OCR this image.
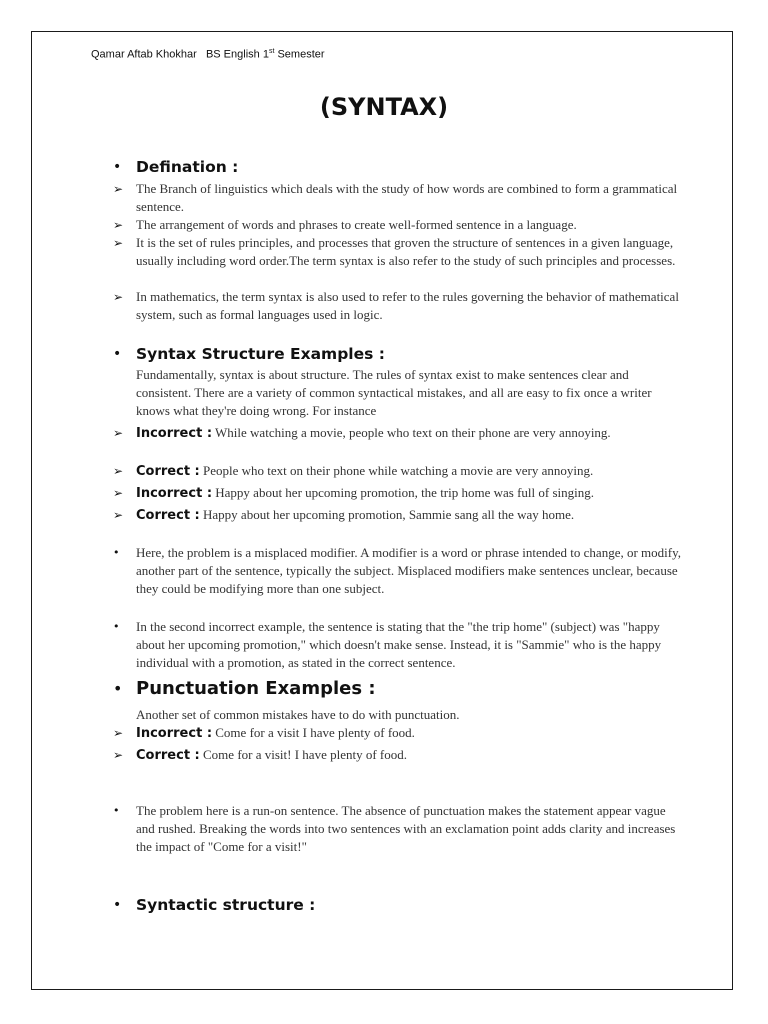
Qamar Aftab Khokhar BS English 1st Semester
(SYNTAX)
• Defination :
➢ The Branch of linguistics which deals with the study of how words are combined to form a grammatical sentence.
➢ The arrangement of words and phrases to create well-formed sentence in a language.
➢ It is the set of rules principles, and processes that groven the structure of sentences in a given language, usually including word order.The term syntax is also refer to the study of such principles and processes.
➢ In mathematics, the term syntax is also used to refer to the rules governing the behavior of mathematical system, such as formal languages used in logic.
• Syntax Structure Examples :
Fundamentally, syntax is about structure. The rules of syntax exist to make sentences clear and consistent. There are a variety of common syntactical mistakes, and all are easy to fix once a writer knows what they're doing wrong. For instance
➢ Incorrect : While watching a movie, people who text on their phone are very annoying.
➢ Correct : People who text on their phone while watching a movie are very annoying.
➢ Incorrect : Happy about her upcoming promotion, the trip home was full of singing.
➢ Correct : Happy about her upcoming promotion, Sammie sang all the way home.
• Here, the problem is a misplaced modifier. A modifier is a word or phrase intended to change, or modify, another part of the sentence, typically the subject. Misplaced modifiers make sentences unclear, because they could be modifying more than one subject.
• In the second incorrect example, the sentence is stating that the "the trip home" (subject) was "happy about her upcoming promotion," which doesn't make sense. Instead, it is "Sammie" who is the happy individual with a promotion, as stated in the correct sentence.
• Punctuation Examples :
Another set of common mistakes have to do with punctuation.
➢ Incorrect : Come for a visit I have plenty of food.
➢ Correct : Come for a visit! I have plenty of food.
• The problem here is a run-on sentence. The absence of punctuation makes the statement appear vague and rushed. Breaking the words into two sentences with an exclamation point adds clarity and increases the impact of "Come for a visit!"
• Syntactic structure :
